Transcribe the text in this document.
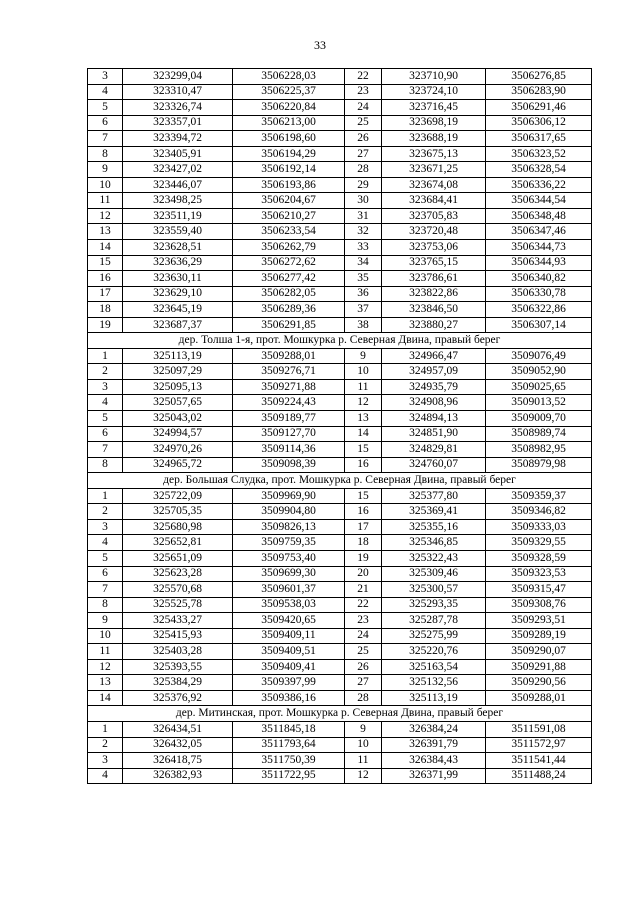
33
3	323299,04	3506228,03	22	323710,90	3506276,85
4	323310,47	3506225,37	23	323724,10	3506283,90
5	323326,74	3506220,84	24	323716,45	3506291,46
6	323357,01	3506213,00	25	323698,19	3506306,12
7	323394,72	3506198,60	26	323688,19	3506317,65
8	323405,91	3506194,29	27	323675,13	3506323,52
9	323427,02	3506192,14	28	323671,25	3506328,54
10	323446,07	3506193,86	29	323674,08	3506336,22
11	323498,25	3506204,67	30	323684,41	3506344,54
12	323511,19	3506210,27	31	323705,83	3506348,48
13	323559,40	3506233,54	32	323720,48	3506347,46
14	323628,51	3506262,79	33	323753,06	3506344,73
15	323636,29	3506272,62	34	323765,15	3506344,93
16	323630,11	3506277,42	35	323786,61	3506340,82
17	323629,10	3506282,05	36	323822,86	3506330,78
18	323645,19	3506289,36	37	323846,50	3506322,86
19	323687,37	3506291,85	38	323880,27	3506307,14
дер. Толша 1-я, прот. Мошкурка р. Северная Двина, правый берег					
1	325113,19	3509288,01	9	324966,47	3509076,49
2	325097,29	3509276,71	10	324957,09	3509052,90
3	325095,13	3509271,88	11	324935,79	3509025,65
4	325057,65	3509224,43	12	324908,96	3509013,52
5	325043,02	3509189,77	13	324894,13	3509009,70
6	324994,57	3509127,70	14	324851,90	3508989,74
7	324970,26	3509114,36	15	324829,81	3508982,95
8	324965,72	3509098,39	16	324760,07	3508979,98
дер. Большая Слудка, прот. Мошкурка р. Северная Двина, правый берег					
1	325722,09	3509969,90	15	325377,80	3509359,37
2	325705,35	3509904,80	16	325369,41	3509346,82
3	325680,98	3509826,13	17	325355,16	3509333,03
4	325652,81	3509759,35	18	325346,85	3509329,55
5	325651,09	3509753,40	19	325322,43	3509328,59
6	325623,28	3509699,30	20	325309,46	3509323,53
7	325570,68	3509601,37	21	325300,57	3509315,47
8	325525,78	3509538,03	22	325293,35	3509308,76
9	325433,27	3509420,65	23	325287,78	3509293,51
10	325415,93	3509409,11	24	325275,99	3509289,19
11	325403,28	3509409,51	25	325220,76	3509290,07
12	325393,55	3509409,41	26	325163,54	3509291,88
13	325384,29	3509397,99	27	325132,56	3509290,56
14	325376,92	3509386,16	28	325113,19	3509288,01
дер. Митинская, прот. Мошкурка р. Северная Двина, правый берег					
1	326434,51	3511845,18	9	326384,24	3511591,08
2	326432,05	3511793,64	10	326391,79	3511572,97
3	326418,75	3511750,39	11	326384,43	3511541,44
4	326382,93	3511722,95	12	326371,99	3511488,24
